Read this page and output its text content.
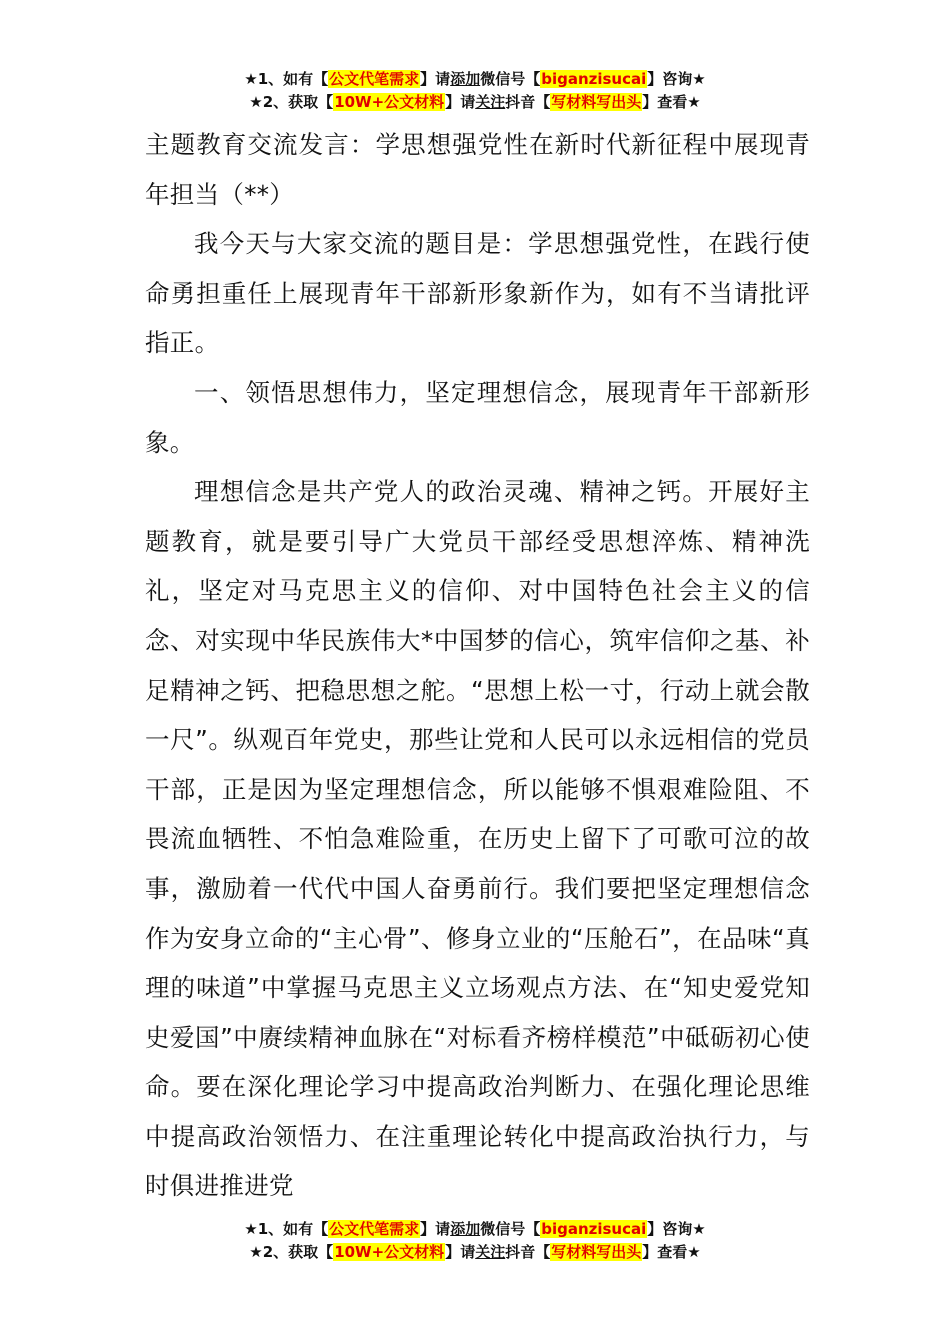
★1、如有【公文代笔需求】请添加微信号【biganzisucai】咨询★
★2、获取【10W+公文材料】请关注抖音【写材料写出头】查看★

主题教育交流发言：学思想强党性在新时代新征程中展现青年担当（**）

我今天与大家交流的题目是：学思想强党性，在践行使命勇担重任上展现青年干部新形象新作为，如有不当请批评指正。

一、领悟思想伟力，坚定理想信念，展现青年干部新形象。

理想信念是共产党人的政治灵魂、精神之钙。开展好主题教育，就是要引导广大党员干部经受思想淬炼、精神洗礼，坚定对马克思主义的信仰、对中国特色社会主义的信念、对实现中华民族伟大*中国梦的信心，筑牢信仰之基、补足精神之钙、把稳思想之舵。“思想上松一寸，行动上就会散一尺”。纵观百年党史，那些让党和人民可以永远相信的党员干部，正是因为坚定理想信念，所以能够不惧艰难险阻、不畏流血牺牲、不怕急难险重，在历史上留下了可歌可泣的故事，激励着一代代中国人奋勇前行。我们要把坚定理想信念作为安身立命的“主心骨”、修身立业的“压舱石”，在品味“真理的味道”中掌握马克思主义立场观点方法、在“知史爱党知史爱国”中赓续精神血脉在“对标看齐榜样模范”中砥砺初心使命。要在深化理论学习中提高政治判断力、在强化理论思维中提高政治领悟力、在注重理论转化中提高政治执行力，与时俱进推进党

★1、如有【公文代笔需求】请添加微信号【biganzisucai】咨询★
★2、获取【10W+公文材料】请关注抖音【写材料写出头】查看★
